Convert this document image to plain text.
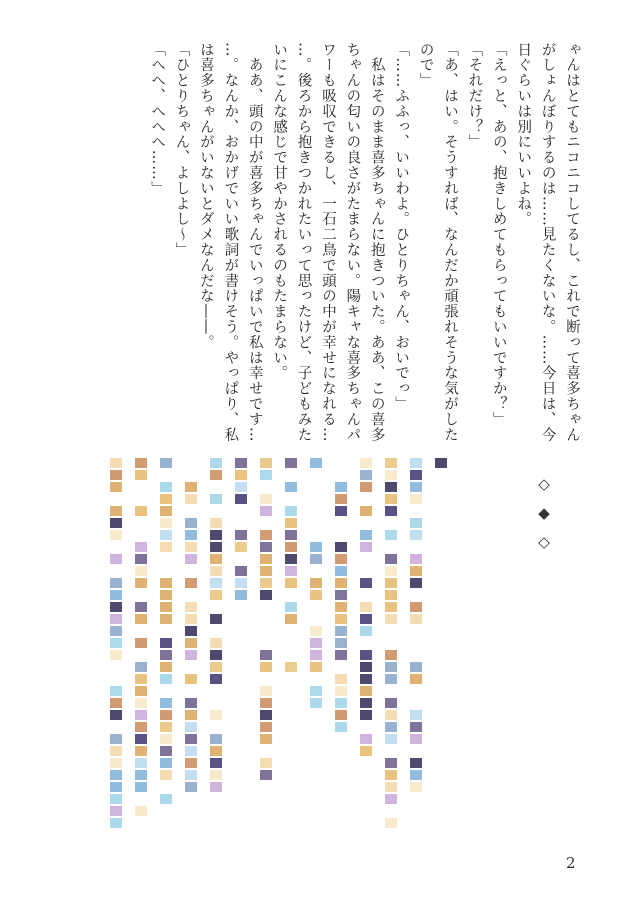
ゃんはとてもニコニコしてるし、これで断って喜多ちゃん

がしょんぼりするのは……見たくないな。……今日は、今

日ぐらいは別にいいよね。

「えっと、あの、抱きしめてもらってもいいですか？」

「それだけ？」

「あ、はい。そうすれば、なんだか頑張れそうな気がした

ので」

「……ふふっ、いいわよ。ひとりちゃん、おいでっ」

　私はそのまま喜多ちゃんに抱きついた。ああ、この喜多

ちゃんの匂いの良さがたまらない。陽キャな喜多ちゃんパ

ワーも吸収できるし、一石二鳥で頭の中が幸せになれる…

…。後ろから抱きつかれたいって思ったけど、子どもみた

いにこんな感じで甘やかされるのもたまらない。

　ああ、頭の中が喜多ちゃんでいっぱいで私は幸せです…

…。なんか、おかげでいい歌詞が書けそう。やっぱり、私

は喜多ちゃんがいないとダメなんだな――。

「ひとりちゃん、よしよし～」

「へへ、へへへ……」

◇
◆
◇
2
